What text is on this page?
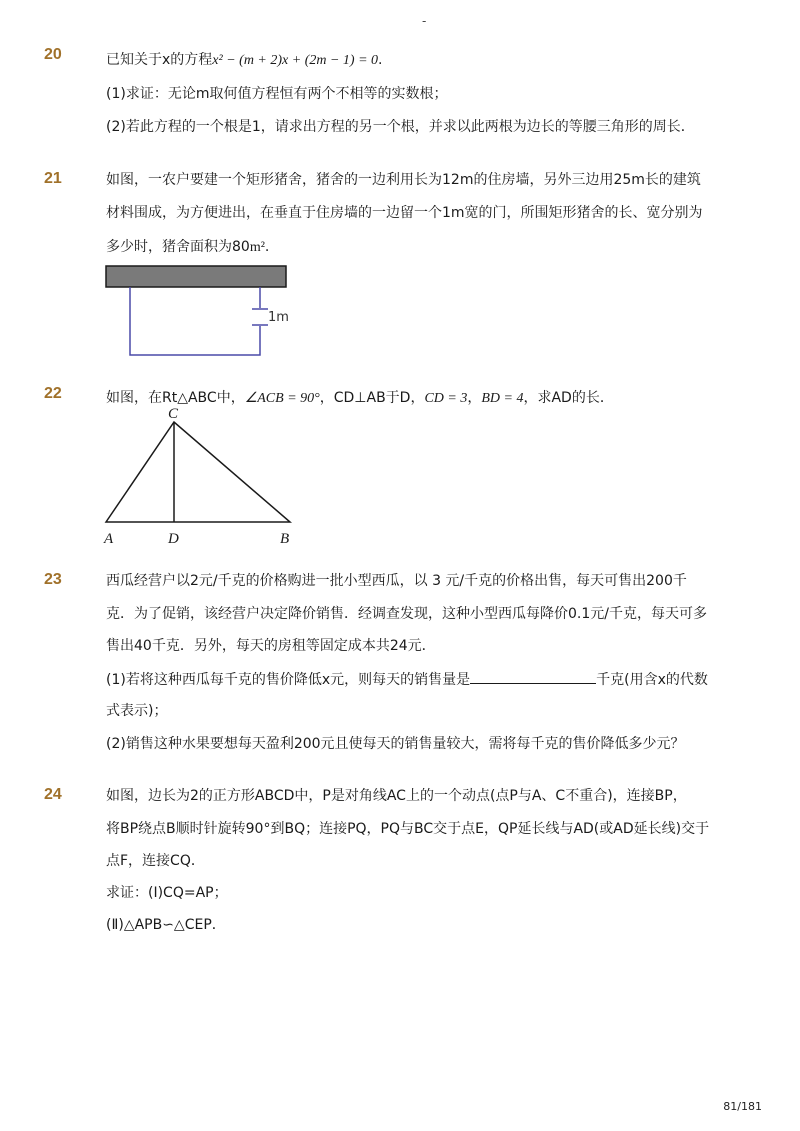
-
20	已知关于x的方程x² − (m + 2)x + (2m − 1) = 0.
(1)求证：无论m取何值方程恒有两个不相等的实数根；
(2)若此方程的一个根是1，请求出方程的另一个根，并求以此两根为边长的等腰三角形的周长．
21	如图，一农户要建一个矩形猪舍，猪舍的一边利用长为12m的住房墙，另外三边用25m长的建筑
材料围成，为方便进出，在垂直于住房墙的一边留一个1m宽的门，所围矩形猪舍的长、宽分别为
多少时，猪舍面积为80m².
1m
22	如图，在Rt△ABC中，∠ACB = 90°，CD⊥AB于D，CD = 3，BD = 4，求AD的长．
C
A	D	B
23	西瓜经营户以2元/千克的价格购进一批小型西瓜，以 3 元/千克的价格出售，每天可售出200千
克．为了促销，该经营户决定降价销售．经调查发现，这种小型西瓜每降价0.1元/千克，每天可多
售出40千克．另外，每天的房租等固定成本共24元．
(1)若将这种西瓜每千克的售价降低x元，则每天的销售量是	千克(用含x的代数
式表示)；
(2)销售这种水果要想每天盈利200元且使每天的销售量较大，需将每千克的售价降低多少元？
24	如图，边长为2的正方形ABCD中，P是对角线AC上的一个动点(点P与A、C不重合)，连接BP，
将BP绕点B顺时针旋转90°到BQ；连接PQ，PQ与BC交于点E，QP延长线与AD(或AD延长线)交于
点F，连接CQ．
求证：(Ⅰ)CQ=AP；
(Ⅱ)△APB∽△CEP．
81/181
